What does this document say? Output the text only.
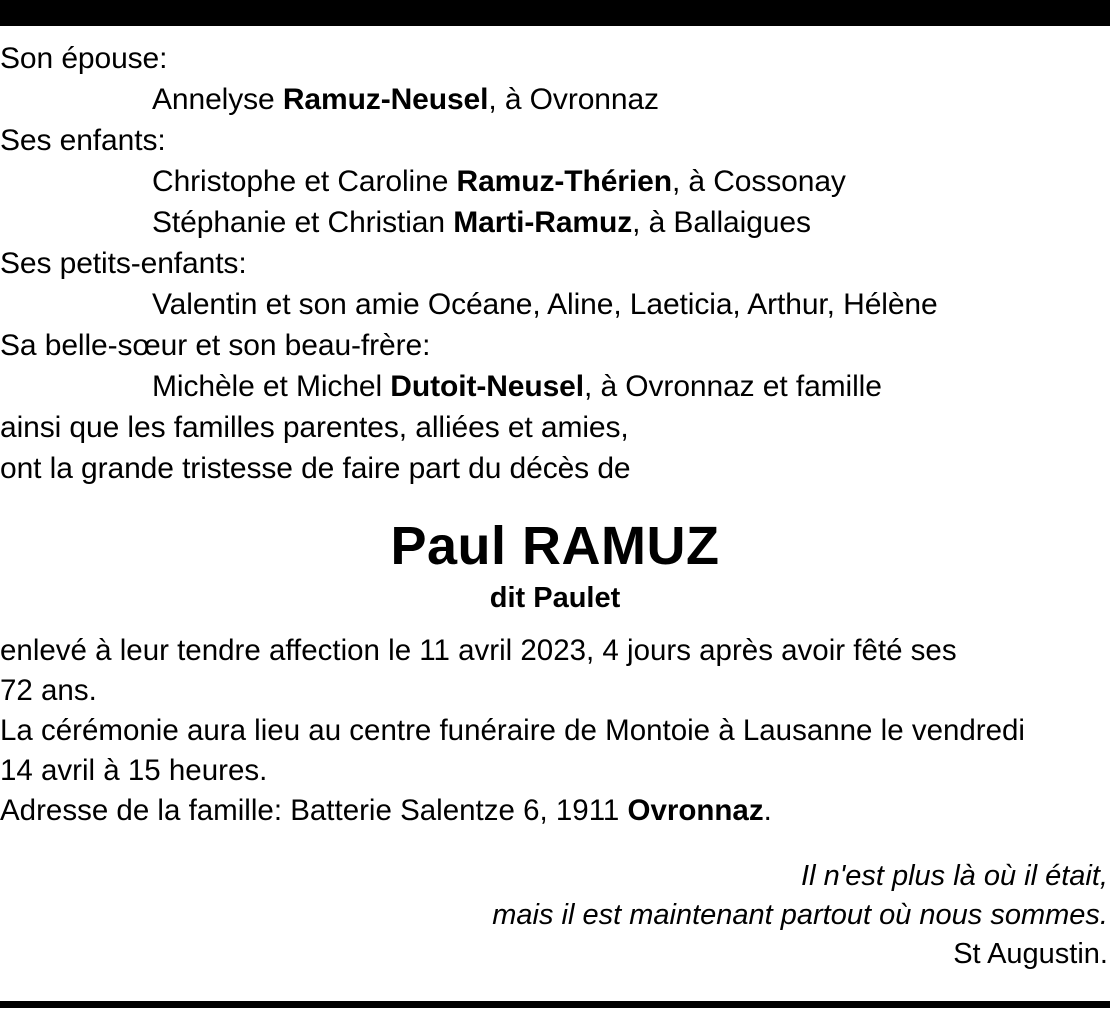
Son épouse:
Annelyse Ramuz-Neusel, à Ovronnaz
Ses enfants:
Christophe et Caroline Ramuz-Thérien, à Cossonay
Stéphanie et Christian Marti-Ramuz, à Ballaigues
Ses petits-enfants:
Valentin et son amie Océane, Aline, Laeticia, Arthur, Hélène
Sa belle-sœur et son beau-frère:
Michèle et Michel Dutoit-Neusel, à Ovronnaz et famille
ainsi que les familles parentes, alliées et amies,
ont la grande tristesse de faire part du décès de
Paul RAMUZ
dit Paulet
enlevé à leur tendre affection le 11 avril 2023, 4 jours après avoir fêté ses
72 ans.
La cérémonie aura lieu au centre funéraire de Montoie à Lausanne le vendredi
14 avril à 15 heures.
Adresse de la famille: Batterie Salentze 6, 1911 Ovronnaz.
Il n'est plus là où il était,
mais il est maintenant partout où nous sommes.
St Augustin.
